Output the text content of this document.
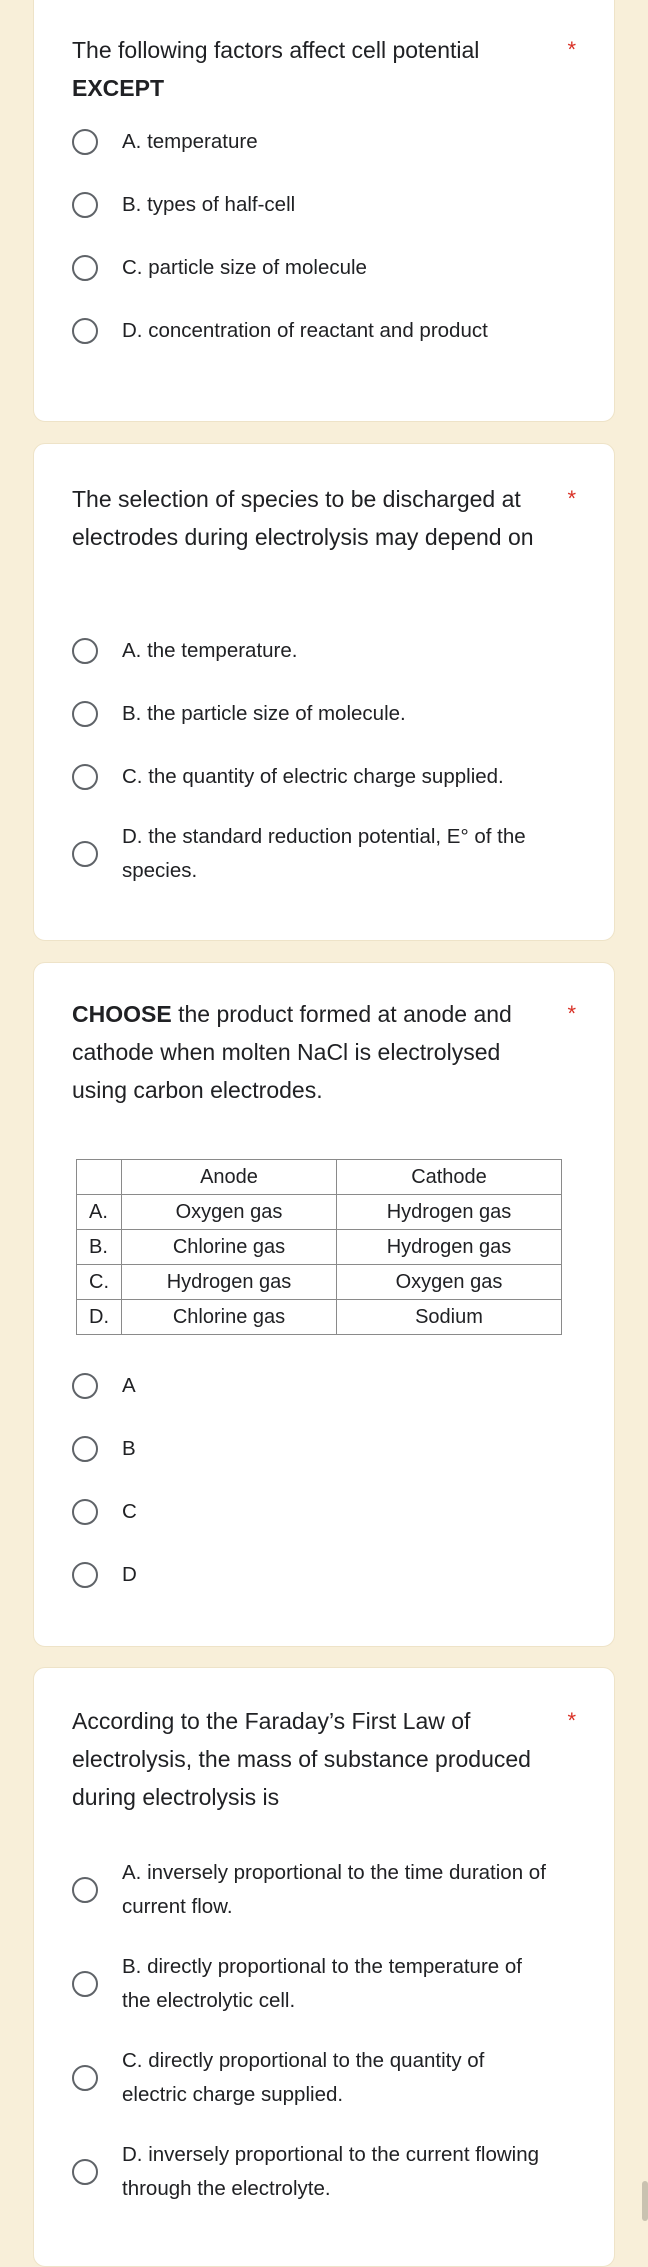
The following factors affect cell potential
EXCEPT
*
A. temperature
B. types of half-cell
C. particle size of molecule
D. concentration of reactant and product
The selection of species to be discharged at electrodes during electrolysis may depend on
*
A. the temperature.
B. the particle size of molecule.
C. the quantity of electric charge supplied.
D. the standard reduction potential, E° of the species.
CHOOSE the product formed at anode and cathode when molten NaCl is electrolysed using carbon electrodes.
*
	Anode	Cathode
A.	Oxygen gas	Hydrogen gas
B.	Chlorine gas	Hydrogen gas
C.	Hydrogen gas	Oxygen gas
D.	Chlorine gas	Sodium
A
B
C
D
According to the Faraday’s First Law of electrolysis, the mass of substance produced during electrolysis is
*
A. inversely proportional to the time duration of current flow.
B. directly proportional to the temperature of the electrolytic cell.
C. directly proportional to the quantity of electric charge supplied.
D. inversely proportional to the current flowing through the electrolyte.
